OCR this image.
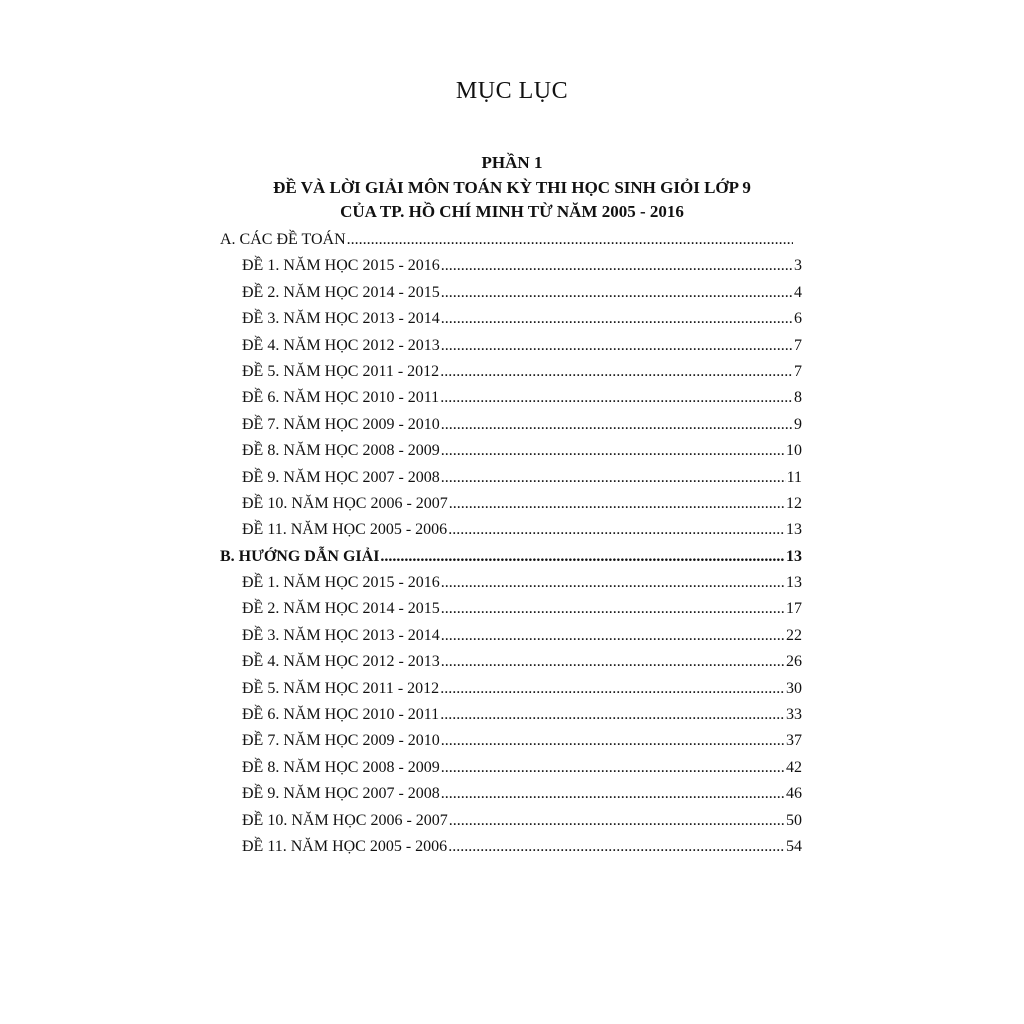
MỤC LỤC
PHẦN 1
ĐỀ VÀ LỜI GIẢI MÔN TOÁN KỲ THI HỌC SINH GIỎI LỚP 9
CỦA TP. HỒ CHÍ MINH TỪ NĂM 2005 - 2016
A. CÁC ĐỀ TOÁN
.....
ĐỀ 1. NĂM HỌC 2015 - 2016 .....	3
ĐỀ 2. NĂM HỌC 2014 - 2015 .....	4
ĐỀ 3. NĂM HỌC 2013 - 2014 .....	6
ĐỀ 4. NĂM HỌC 2012 - 2013 .....	7
ĐỀ 5. NĂM HỌC 2011 - 2012 .....	7
ĐỀ 6. NĂM HỌC 2010 - 2011 .....	8
ĐỀ 7. NĂM HỌC 2009 - 2010 .....	9
ĐỀ 8. NĂM HỌC 2008 - 2009 .....	10
ĐỀ 9. NĂM HỌC 2007 - 2008 .....	11
ĐỀ 10. NĂM HỌC 2006 - 2007 .....	12
ĐỀ 11. NĂM HỌC 2005 - 2006 .....	13
B. HƯỚNG DẪN GIẢI .....	13
ĐỀ 1. NĂM HỌC 2015 - 2016 .....	13
ĐỀ 2. NĂM HỌC 2014 - 2015 .....	17
ĐỀ 3. NĂM HỌC 2013 - 2014 .....	22
ĐỀ 4. NĂM HỌC 2012 - 2013 .....	26
ĐỀ 5. NĂM HỌC 2011 - 2012 .....	30
ĐỀ 6. NĂM HỌC 2010 - 2011 .....	33
ĐỀ 7. NĂM HỌC 2009 - 2010 .....	37
ĐỀ 8. NĂM HỌC 2008 - 2009 .....	42
ĐỀ 9. NĂM HỌC 2007 - 2008 .....	46
ĐỀ 10. NĂM HỌC 2006 - 2007 .....	50
ĐỀ 11. NĂM HỌC 2005 - 2006 .....	54
